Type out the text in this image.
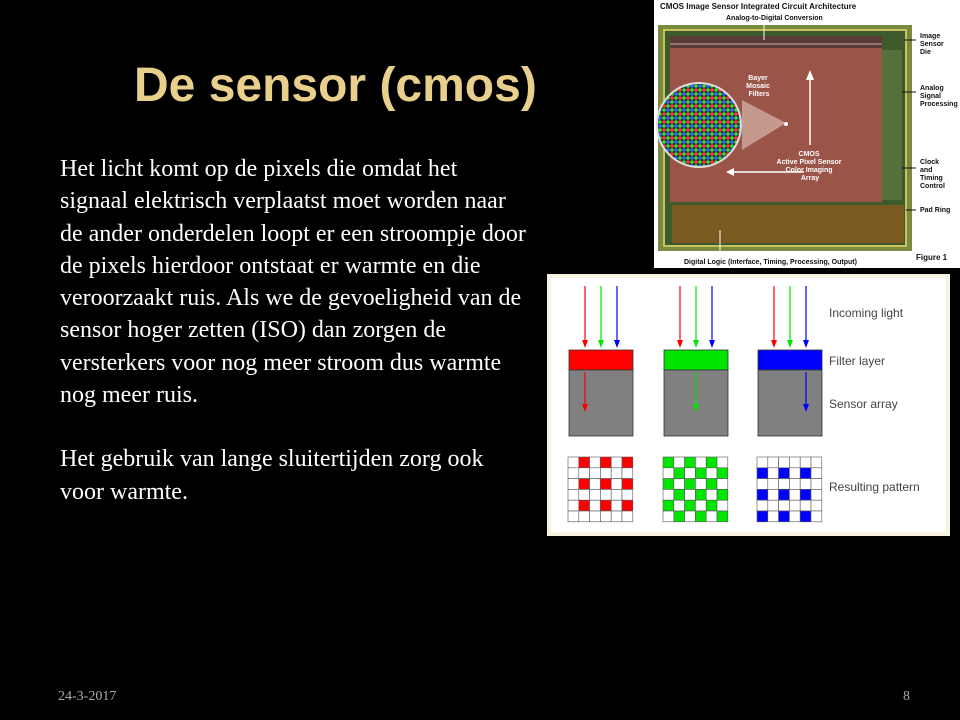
De sensor (cmos)

Het licht komt op de pixels die omdat het signaal elektrisch verplaatst moet worden naar de ander onderdelen loopt er een stroompje door de pixels hierdoor ontstaat er warmte en die veroorzaakt ruis. Als we de gevoeligheid van de sensor hoger zetten (ISO) dan zorgen de versterkers voor nog meer stroom dus warmte nog meer ruis.

Het gebruik van lange sluitertijden zorg ook voor warmte.

CMOS Image Sensor Integrated Circuit Architecture
Analog-to-Digital Conversion
Bayer Mosaic Filters
CMOS Active Pixel Sensor Color Imaging Array
Image Sensor Die
Analog Signal Processing
Clock and Timing Control
Pad Ring
Digital Logic (Interface, Timing, Processing, Output)
Figure 1
Incoming light
Filter layer
Sensor array
Resulting pattern
24-3-2017	8
